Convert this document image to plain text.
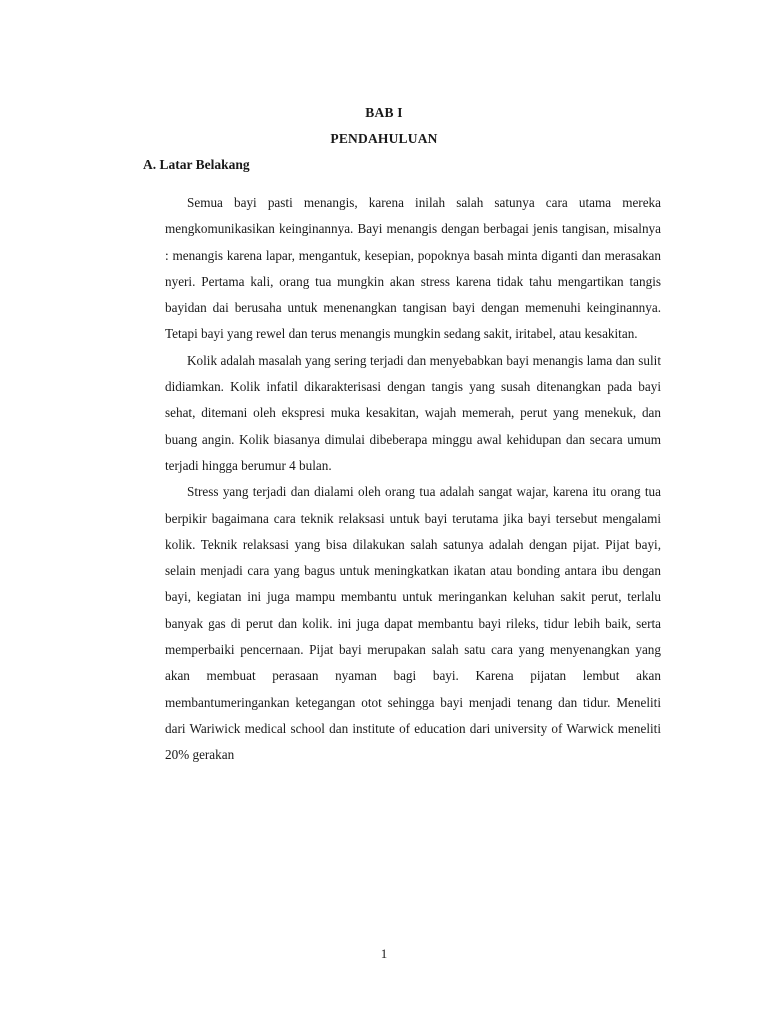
BAB I
PENDAHULUAN
A. Latar Belakang

Semua bayi pasti menangis, karena inilah salah satunya cara utama mereka mengkomunikasikan keinginannya. Bayi menangis dengan berbagai jenis tangisan, misalnya : menangis karena lapar, mengantuk, kesepian, popoknya basah minta diganti dan merasakan nyeri. Pertama kali, orang tua mungkin akan stress karena tidak tahu mengartikan tangis bayidan dai berusaha untuk menenangkan tangisan bayi dengan memenuhi keinginannya. Tetapi bayi yang rewel dan terus menangis mungkin sedang sakit, iritabel, atau kesakitan.

Kolik adalah masalah yang sering terjadi dan menyebabkan bayi menangis lama dan sulit didiamkan. Kolik infatil dikarakterisasi dengan tangis yang susah ditenangkan pada bayi sehat, ditemani oleh ekspresi muka kesakitan, wajah memerah, perut yang menekuk, dan buang angin. Kolik biasanya dimulai dibeberapa minggu awal kehidupan dan secara umum terjadi hingga berumur 4 bulan.

Stress yang terjadi dan dialami oleh orang tua adalah sangat wajar, karena itu orang tua berpikir bagaimana cara teknik relaksasi untuk bayi terutama jika bayi tersebut mengalami kolik. Teknik relaksasi yang bisa dilakukan salah satunya adalah dengan pijat. Pijat bayi, selain menjadi cara yang bagus untuk meningkatkan ikatan atau bonding antara ibu dengan bayi, kegiatan ini juga mampu membantu untuk meringankan keluhan sakit perut, terlalu banyak gas di perut dan kolik. ini juga dapat membantu bayi rileks, tidur lebih baik, serta memperbaiki pencernaan. Pijat bayi merupakan salah satu cara yang menyenangkan yang akan membuat perasaan nyaman bagi bayi. Karena pijatan lembut akan membantumeringankan ketegangan otot sehingga bayi menjadi tenang dan tidur. Meneliti dari Wariwick medical school dan institute of education dari university of Warwick meneliti 20% gerakan

1
